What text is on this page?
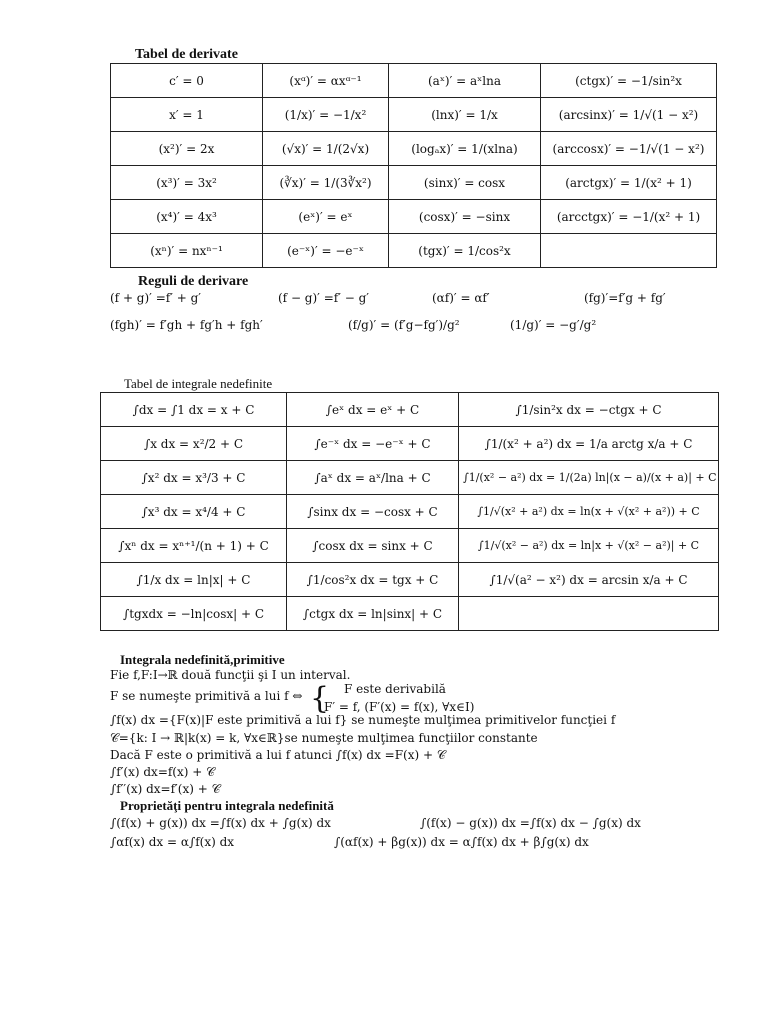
Tabel de derivate
c′ = 0	(xᵅ)′ = αxᵅ⁻¹	(aˣ)′ = aˣlna	(ctgx)′ = −1/sin²x
x′ = 1	(1/x)′ = −1/x²	(lnx)′ = 1/x	(arcsinx)′ = 1/√(1 − x²)
(x²)′ = 2x	(√x)′ = 1/(2√x)	(logₐx)′ = 1/(xlna)	(arccosx)′ = −1/√(1 − x²)
(x³)′ = 3x²	(∛x)′ = 1/(3∛x²)	(sinx)′ = cosx	(arctgx)′ = 1/(x² + 1)
(x⁴)′ = 4x³	(eˣ)′ = eˣ	(cosx)′ = −sinx	(arcctgx)′ = −1/(x² + 1)
(xⁿ)′ = nxⁿ⁻¹	(e⁻ˣ)′ = −e⁻ˣ	(tgx)′ = 1/cos²x	
Reguli de derivare
(f + g)′ =f′ + g′	(f − g)′ =f′ − g′	(αf)′ = αf′	(fg)′=f′g + fg′
(fgh)′ = f′gh + fg′h + fgh′	(f/g)′ = (f′g−fg′)/g²	(1/g)′ = −g′/g²
Tabel de integrale nedefinite
∫dx = ∫1 dx = x + C	∫eˣ dx = eˣ + C	∫1/sin²x dx = −ctgx + C
∫x dx = x²/2 + C	∫e⁻ˣ dx = −e⁻ˣ + C	∫1/(x² + a²) dx = 1/a arctg x/a + C
∫x² dx = x³/3 + C	∫aˣ dx = aˣ/lna + C	∫1/(x² − a²) dx = 1/(2a) ln|(x − a)/(x + a)| + C
∫x³ dx = x⁴/4 + C	∫sinx dx = −cosx + C	∫1/√(x² + a²) dx = ln(x + √(x² + a²)) + C
∫xⁿ dx = xⁿ⁺¹/(n + 1) + C	∫cosx dx = sinx + C	∫1/√(x² − a²) dx = ln|x + √(x² − a²)| + C
∫1/x dx = ln|x| + C	∫1/cos²x dx = tgx + C	∫1/√(a² − x²) dx = arcsin x/a + C
∫tgxdx = −ln|cosx| + C	∫ctgx dx = ln|sinx| + C	
Integrala nedefinită,primitive
Fie f,F:I→ℝ două funcţii şi I un interval.
F se numeşte primitivă a lui f ⇔ { F este derivabilă
F′ = f, (F′(x) = f(x), ∀x∈I)
∫f(x) dx ={F(x)|F este primitivă a lui f} se numeşte mulţimea primitivelor funcţiei f
𝒞={k: I → ℝ|k(x) = k, ∀x∈ℝ}se numeşte mulţimea funcţiilor constante
Dacă F este o primitivă a lui f atunci ∫f(x) dx =F(x) + 𝒞
∫f′(x) dx=f(x) + 𝒞
∫f′′(x) dx=f′(x) + 𝒞
Proprietăţi pentru integrala nedefinită
∫(f(x) + g(x)) dx =∫f(x) dx + ∫g(x) dx	∫(f(x) − g(x)) dx =∫f(x) dx − ∫g(x) dx
∫αf(x) dx = α∫f(x) dx	∫(αf(x) + βg(x)) dx = α∫f(x) dx + β∫g(x) dx
